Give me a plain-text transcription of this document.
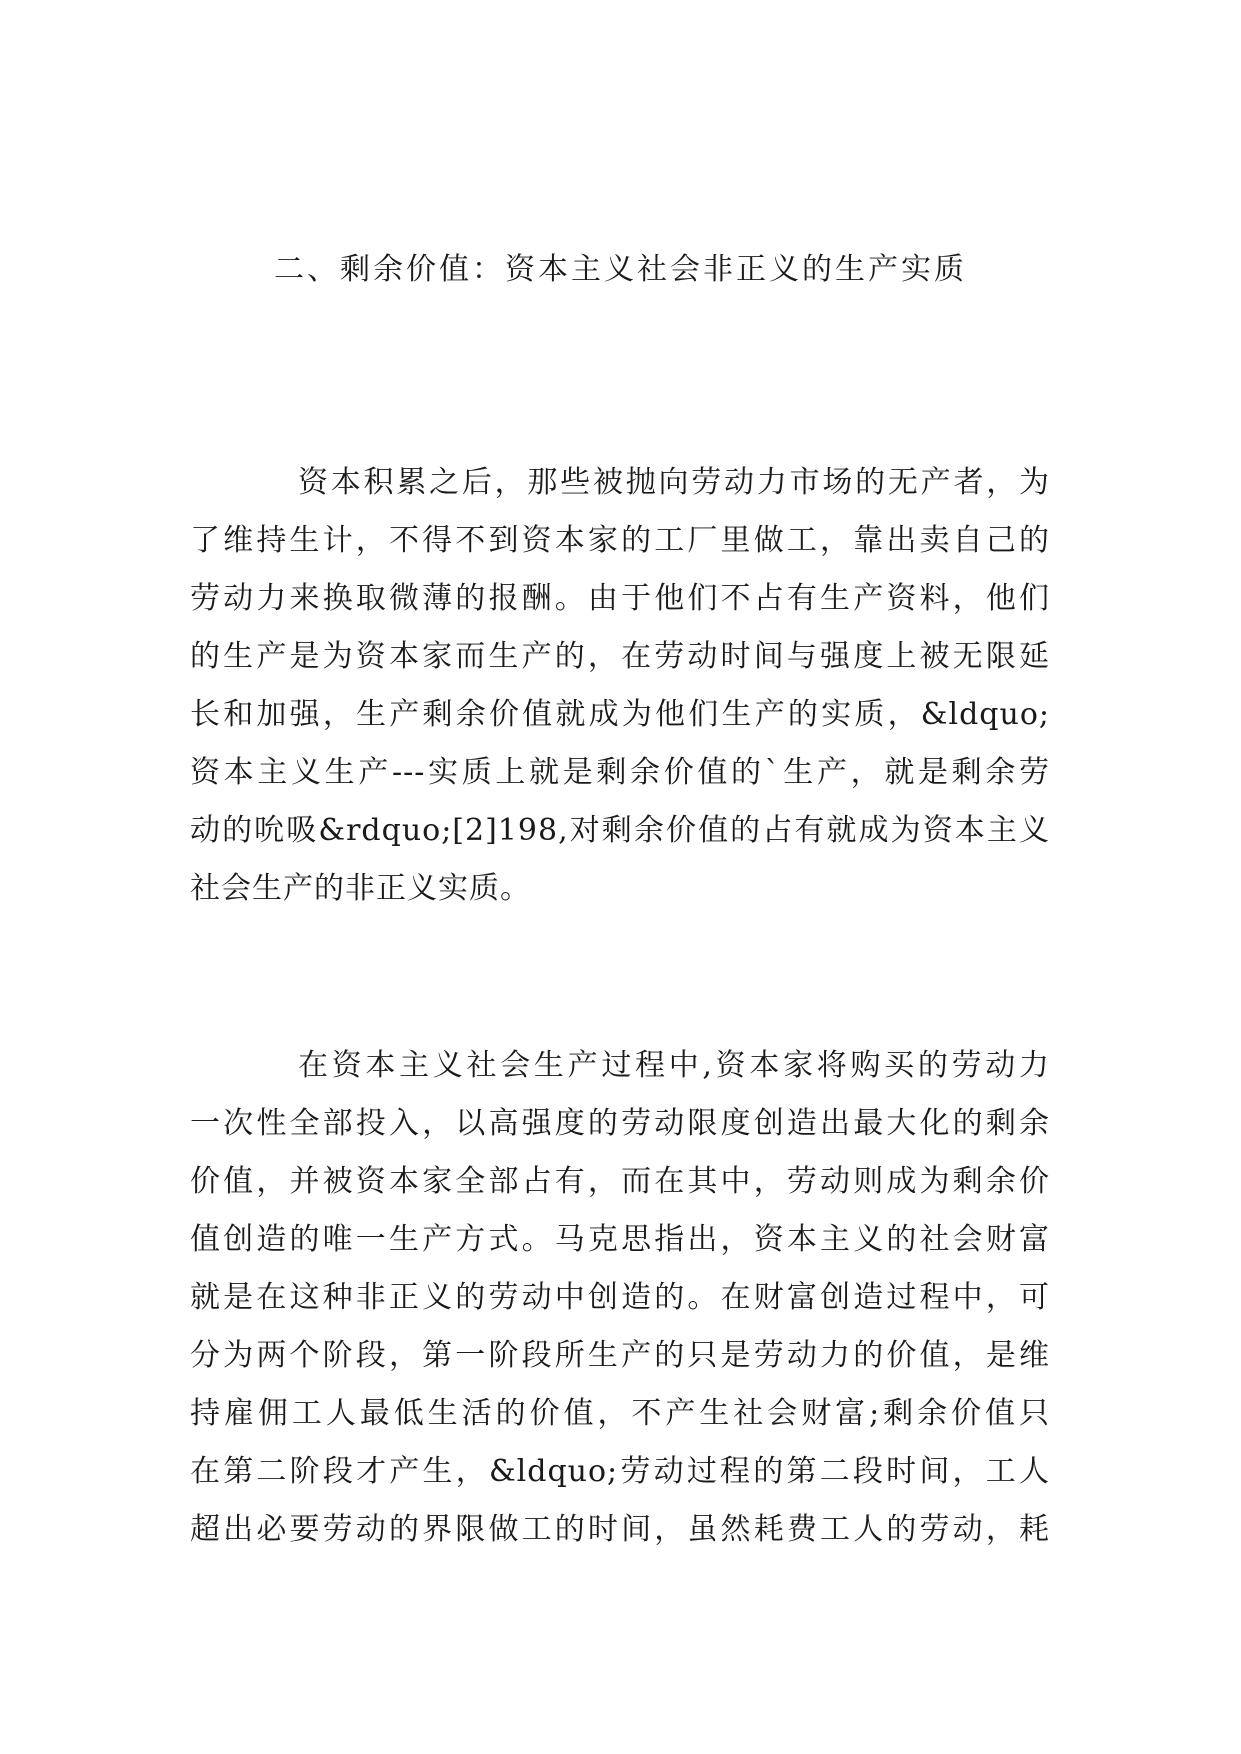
二、剩余价值：资本主义社会非正义的生产实质
资本积累之后，那些被抛向劳动力市场的无产者，为
了维持生计，不得不到资本家的工厂里做工，靠出卖自己的
劳动力来换取微薄的报酬。由于他们不占有生产资料，他们
的生产是为资本家而生产的，在劳动时间与强度上被无限延
长和加强，生产剩余价值就成为他们生产的实质，&ldquo;
资本主义生产---实质上就是剩余价值的`生产，就是剩余劳
动的吮吸&rdquo;[2]198,对剩余价值的占有就成为资本主义
社会生产的非正义实质。
在资本主义社会生产过程中,资本家将购买的劳动力
一次性全部投入，以高强度的劳动限度创造出最大化的剩余
价值，并被资本家全部占有，而在其中，劳动则成为剩余价
值创造的唯一生产方式。马克思指出，资本主义的社会财富
就是在这种非正义的劳动中创造的。在财富创造过程中，可
分为两个阶段，第一阶段所生产的只是劳动力的价值，是维
持雇佣工人最低生活的价值，不产生社会财富;剩余价值只
在第二阶段才产生，&ldquo;劳动过程的第二段时间，工人
超出必要劳动的界限做工的时间，虽然耗费工人的劳动，耗
